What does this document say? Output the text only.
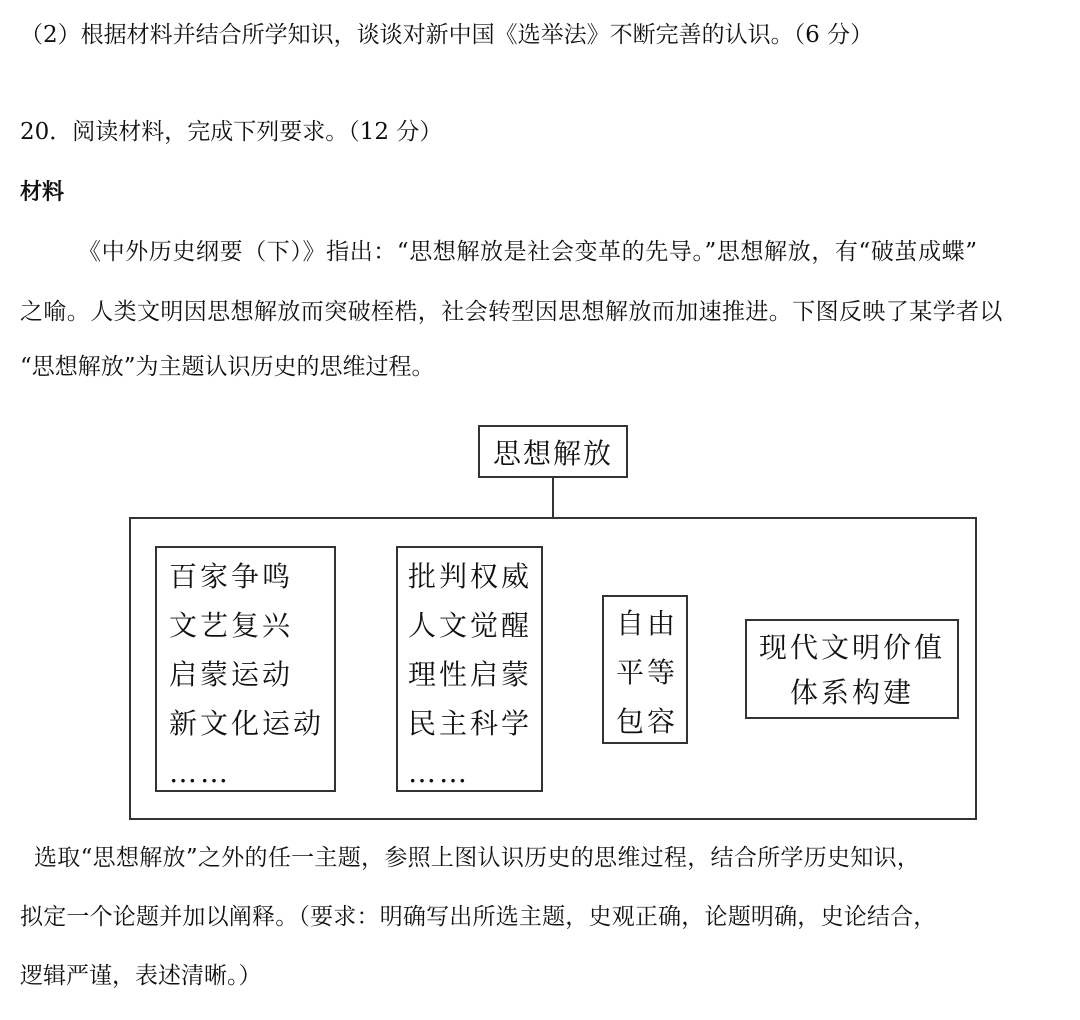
（2）根据材料并结合所学知识，谈谈对新中国《选举法》不断完善的认识。（6 分）
20．阅读材料，完成下列要求。（12 分）
材料
《中外历史纲要（下）》指出：“思想解放是社会变革的先导。”思想解放，有“破茧成蝶”
之喻。人类文明因思想解放而突破桎梏，社会转型因思想解放而加速推进。下图反映了某学者以
“思想解放”为主题认识历史的思维过程。
思想解放
百家争鸣
文艺复兴
启蒙运动
新文化运动
……
批判权威
人文觉醒
理性启蒙
民主科学
……
自由
平等
包容
现代文明价值
体系构建
选取“思想解放”之外的任一主题，参照上图认识历史的思维过程，结合所学历史知识，
拟定一个论题并加以阐释。（要求：明确写出所选主题，史观正确，论题明确，史论结合，
逻辑严谨，表述清晰。）
